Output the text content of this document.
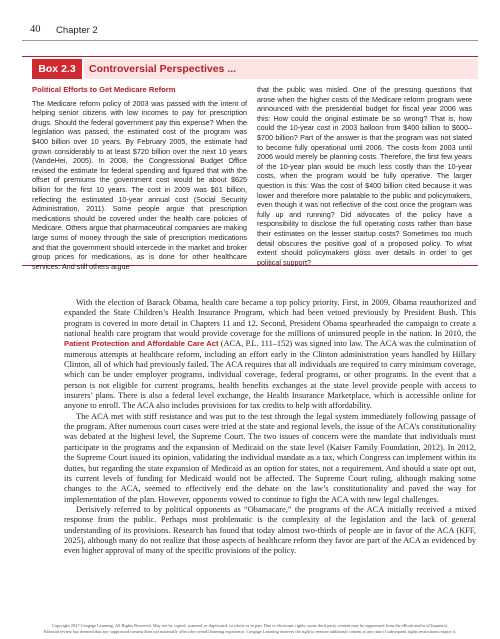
40 Chapter 2
Box 2.3	Controversial Perspectives ...
Political Efforts to Get Medicare Reform

The Medicare reform policy of 2003 was passed with the intent of helping senior citizens with low incomes to pay for prescription drugs. Should the federal government pay this expense? When the legislation was passed, the estimated cost of the program was $400 billion over 10 years. By February 2005, the estimate had grown considerably to at least $720 billion over the next 10 years (VandeHei, 2005). In 2008, the Congressional Budget Office revised the estimate for federal spending and figured that with the offset of premiums the government cost would be about $625 billion for the first 10 years. The cost in 2009 was $61 billion, reflecting the estimated 10-year annual cost (Social Security Administration, 2011). Some people argue that prescription medications should be covered under the health care policies of Medicare. Others argue that pharmaceutical companies are making large sums of money through the sale of prescription medications and that the government should intercede in the market and broker group prices for medications, as is done for other healthcare services. And still others argue

that the public was misled. One of the pressing questions that arose when the higher costs of the Medicare reform program were announced with the presidential budget for fiscal year 2006 was this: How could the original estimate be so wrong? That is, how could the 10-year cost in 2003 balloon from $400 billion to $600–$700 billion? Part of the answer is that the program was not slated to become fully operational until 2006. The costs from 2003 until 2006 would merely be planning costs. Therefore, the first few years of the 10-year plan would be much less costly than the 10-year costs, when the program would be fully operative. The larger question is this: Was the cost of $400 billion cited because it was lower and therefore more palatable to the public and policymakers, even though it was not reflective of the cost once the program was fully up and running? Did advocates of the policy have a responsibility to disclose the full operating costs rather than base their estimates on the lesser startup costs? Sometimes too much detail obscures the positive goal of a proposed policy. To what extent should policymakers gloss over details in order to get political support?

With the election of Barack Obama, health care became a top policy priority. First, in 2009, Obama reauthorized and expanded the State Children’s Health Insurance Program, which had been vetoed previously by President Bush. This program is covered in more detail in Chapters 11 and 12. Second, President Obama spearheaded the campaign to create a national health care program that would provide coverage for the millions of uninsured people in the nation. In 2010, the Patient Protection and Affordable Care Act (ACA, P.L. 111–152) was signed into law. The ACA was the culmination of numerous attempts at healthcare reform, including an effort early in the Clinton administration years handled by Hillary Clinton, all of which had previously failed. The ACA requires that all individuals are required to carry minimum coverage, which can be under employer programs, individual coverage, federal programs, or other programs. In the event that a person is not eligible for current programs, health benefits exchanges at the state level provide people with access to insurers’ plans. There is also a federal level exchange, the Health Insurance Marketplace, which is accessible online for anyone to enroll. The ACA also includes provisions for tax credits to help with affordability.

The ACA met with stiff resistance and was put to the test through the legal system immediately following passage of the program. After numerous court cases were tried at the state and regional levels, the issue of the ACA’s constitutionality was debated at the highest level, the Supreme Court. The two issues of concern were the mandate that individuals must participate in the programs and the expansion of Medicaid on the state level (Kaiser Family Foundation, 2012). In 2012, the Supreme Court issued its opinion, validating the individual mandate as a tax, which Congress can implement within its duties, but regarding the state expansion of Medicaid as an option for states, not a requirement. And should a state opt out, its current levels of funding for Medicaid would not be affected. The Supreme Court ruling, although making some changes to the ACA, seemed to effectively end the debate on the law’s constitutionality and paved the way for implementation of the plan. However, opponents vowed to continue to fight the ACA with new legal challenges.

Derisively referred to by political opponents as “Obamacare,” the programs of the ACA initially received a mixed response from the public. Perhaps most problematic is the complexity of the legislation and the lack of general understanding of its provisions. Research has found that today almost two-thirds of people are in favor of the ACA (KFF, 2025), although many do not realize that those aspects of healthcare reform they favor are part of the ACA as evidenced by even higher approval of many of the specific provisions of the policy.

Copyright 2027 Cengage Learning. All Rights Reserved. May not be copied, scanned, or duplicated, in whole or in part. Due to electronic rights, some third party content may be suppressed from the eBook and/or eChapter(s).
Editorial review has deemed that any suppressed content does not materially affect the overall learning experience. Cengage Learning reserves the right to remove additional content at any time if subsequent rights restrictions require it.
